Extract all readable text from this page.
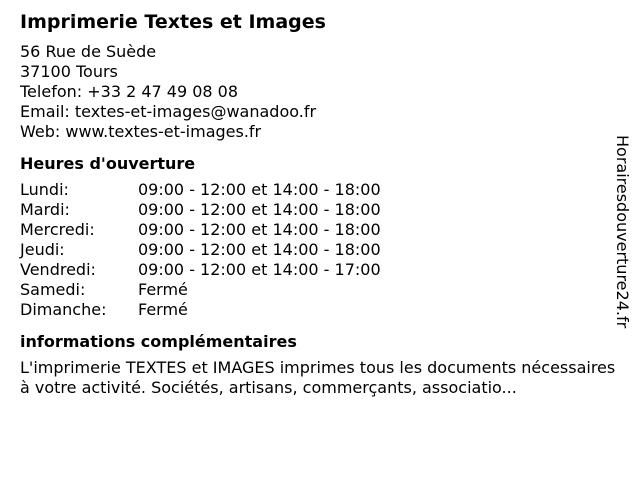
Imprimerie Textes et Images
56 Rue de Suède
37100 Tours
Telefon: +33 2 47 49 08 08
Email: textes-et-images@wanadoo.fr
Web: www.textes-et-images.fr
Heures d'ouverture
Lundi:	09:00 - 12:00 et 14:00 - 18:00
Mardi:	09:00 - 12:00 et 14:00 - 18:00
Mercredi:	09:00 - 12:00 et 14:00 - 18:00
Jeudi:	09:00 - 12:00 et 14:00 - 18:00
Vendredi:	09:00 - 12:00 et 14:00 - 17:00
Samedi:	Fermé
Dimanche:	Fermé
informations complémentaires
L'imprimerie TEXTES et IMAGES imprimes tous les documents nécessaires à votre activité. Sociétés, artisans, commerçants, associatio...
Horairesdouverture24.fr
